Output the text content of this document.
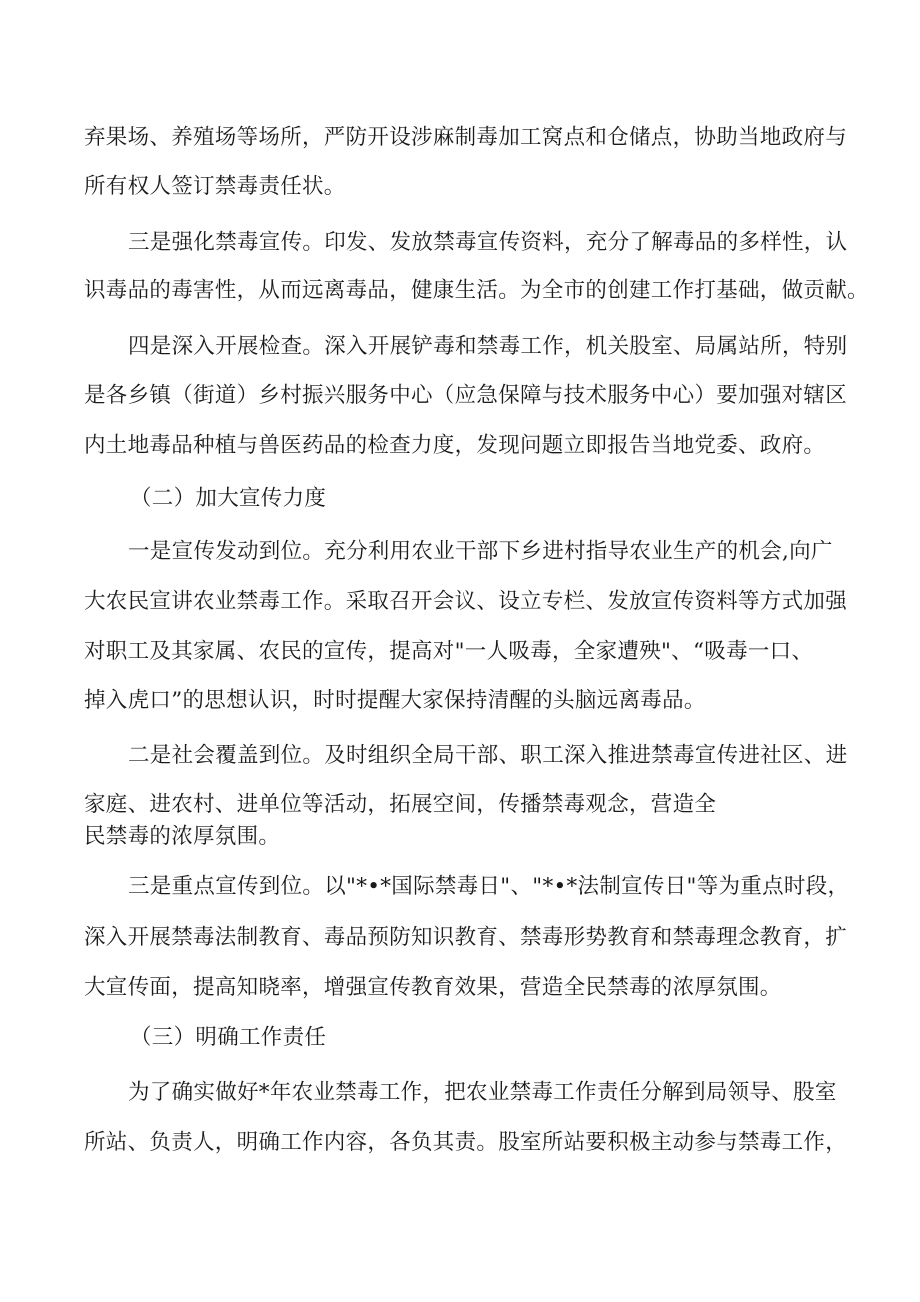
弃果场、养殖场等场所，严防开设涉麻制毒加工窝点和仓储点，协助当地政府与
所有权人签订禁毒责任状。
三是强化禁毒宣传。印发、发放禁毒宣传资料，充分了解毒品的多样性，认
识毒品的毒害性，从而远离毒品，健康生活。为全市的创建工作打基础，做贡献。
四是深入开展检查。深入开展铲毒和禁毒工作，机关股室、局属站所，特别
是各乡镇（街道）乡村振兴服务中心（应急保障与技术服务中心）要加强对辖区
内土地毒品种植与兽医药品的检查力度，发现问题立即报告当地党委、政府。
（二）加大宣传力度
一是宣传发动到位。充分利用农业干部下乡进村指导农业生产的机会,向广
大农民宣讲农业禁毒工作。采取召开会议、设立专栏、发放宣传资料等方式加强
对职工及其家属、农民的宣传，提高对"一人吸毒，全家遭殃"、“吸毒一口、
掉入虎口”的思想认识，时时提醒大家保持清醒的头脑远离毒品。
二是社会覆盖到位。及时组织全局干部、职工深入推进禁毒宣传进社区、进
家庭、进农村、进单位等活动，拓展空间，传播禁毒观念，营造全
民禁毒的浓厚氛围。
三是重点宣传到位。以"*•*国际禁毒日"、"*•*法制宣传日"等为重点时段，
深入开展禁毒法制教育、毒品预防知识教育、禁毒形势教育和禁毒理念教育，扩
大宣传面，提高知晓率，增强宣传教育效果，营造全民禁毒的浓厚氛围。
（三）明确工作责任
为了确实做好*年农业禁毒工作，把农业禁毒工作责任分解到局领导、股室
所站、负责人，明确工作内容，各负其责。股室所站要积极主动参与禁毒工作，
